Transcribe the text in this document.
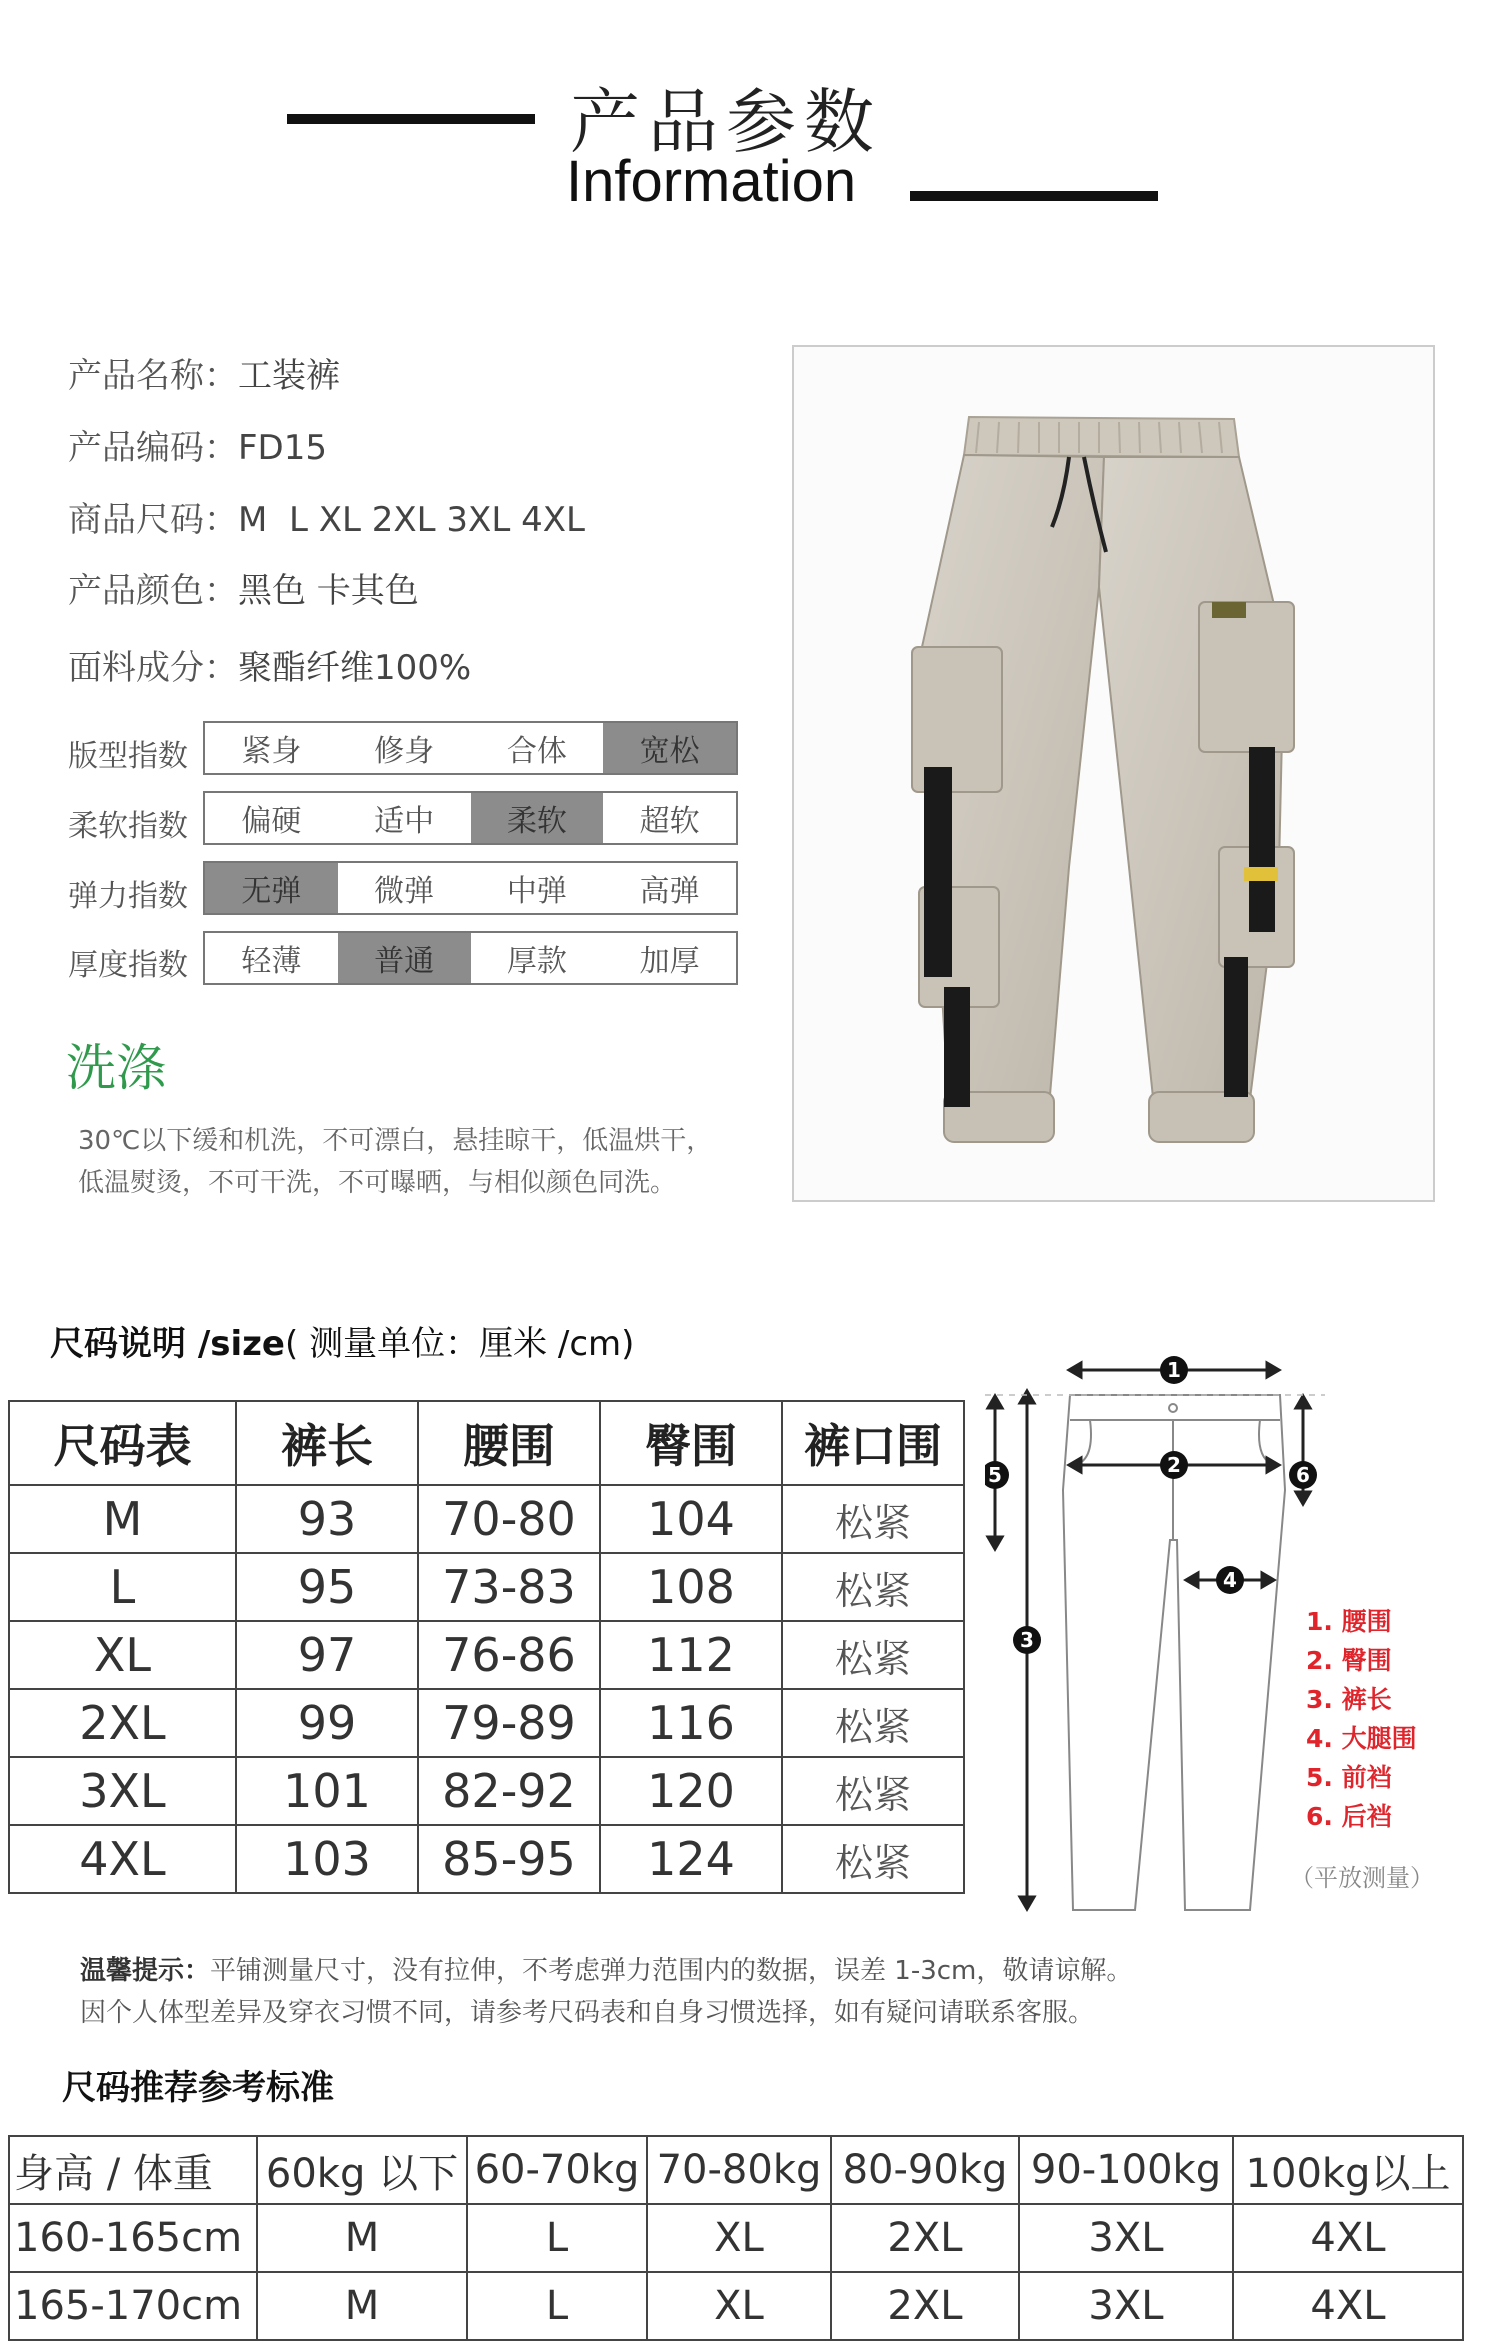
产品参数
Information
产品名称：工装裤
产品编码：FD15
商品尺码：M  L XL 2XL 3XL 4XL
产品颜色：黑色 卡其色
面料成分：聚酯纤维100%
版型指数	紧身	修身	合体	宽松
柔软指数	偏硬	适中	柔软	超软
弹力指数	无弹	微弹	中弹	高弹
厚度指数	轻薄	普通	厚款	加厚
洗涤
30℃以下缓和机洗，不可漂白，悬挂晾干，低温烘干，
低温熨烫，不可干洗，不可曝晒，与相似颜色同洗。
尺码说明 /size( 测量单位：厘米 /cm)
尺码表	裤长	腰围	臀围	裤口围
M	93	70-80	104	松紧
L	95	73-83	108	松紧
XL	97	76-86	112	松紧
2XL	99	79-89	116	松紧
3XL	101	82-92	120	松紧
4XL	103	85-95	124	松紧
1
2
3
4
5	6
1. 腰围
2. 臀围
3. 裤长
4. 大腿围
5. 前裆
6. 后裆
（平放测量）
温馨提示：平铺测量尺寸，没有拉伸，不考虑弹力范围内的数据，误差 1-3cm，敬请谅解。
因个人体型差异及穿衣习惯不同，请参考尺码表和自身习惯选择，如有疑问请联系客服。
尺码推荐参考标准
身高 / 体重	60kg 以下	60-70kg	70-80kg	80-90kg	90-100kg	100kg以上
160-165cm	M	L	XL	2XL	3XL	4XL
165-170cm	M	L	XL	2XL	3XL	4XL
